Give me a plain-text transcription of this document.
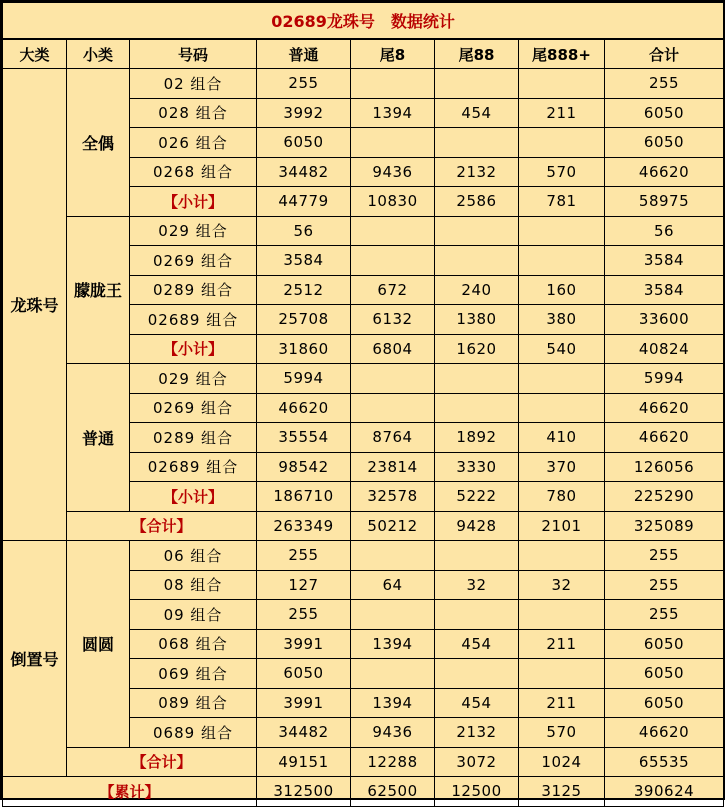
02689龙珠号　数据统计							
大类	小类	号码	普通	尾8	尾88	尾888+	合计
龙珠号	全偶	02 组合	255				255
		028 组合	3992	1394	454	211	6050
		026 组合	6050				6050
		0268 组合	34482	9436	2132	570	46620
		【小计】	44779	10830	2586	781	58975
	朦胧王	029 组合	56				56
		0269 组合	3584				3584
		0289 组合	2512	672	240	160	3584
		02689 组合	25708	6132	1380	380	33600
		【小计】	31860	6804	1620	540	40824
	普通	029 组合	5994				5994
		0269 组合	46620				46620
		0289 组合	35554	8764	1892	410	46620
		02689 组合	98542	23814	3330	370	126056
		【小计】	186710	32578	5222	780	225290
	【合计】		263349	50212	9428	2101	325089
倒置号	圆圆	06 组合	255				255
		08 组合	127	64	32	32	255
		09 组合	255				255
		068 组合	3991	1394	454	211	6050
		069 组合	6050				6050
		089 组合	3991	1394	454	211	6050
		0689 组合	34482	9436	2132	570	46620
	【合计】		49151	12288	3072	1024	65535
【累计】			312500	62500	12500	3125	390624
